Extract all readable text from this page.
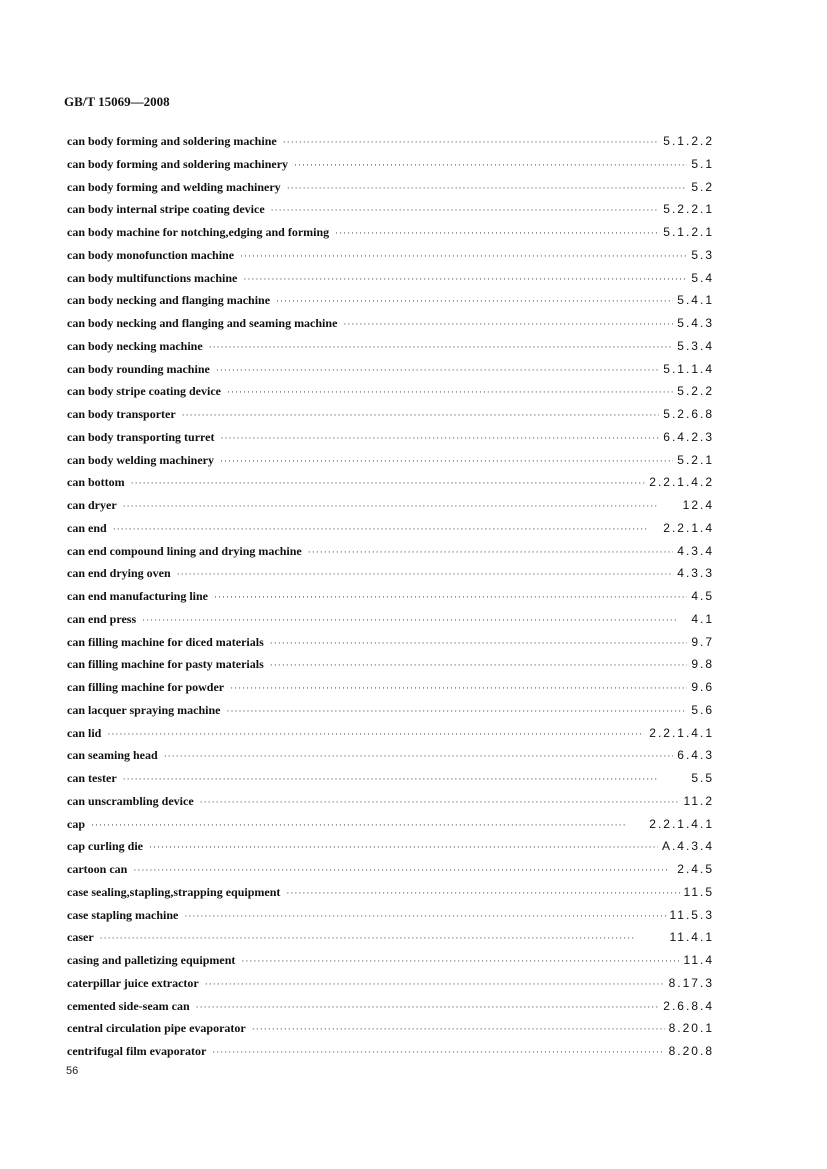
GB/T 15069—2008
can body forming and soldering machine ·····	5.1.2.2
can body forming and soldering machinery ·····	5.1
can body forming and welding machinery ·····	5.2
can body internal stripe coating device ·····	5.2.2.1
can body machine for notching,edging and forming ·····	5.1.2.1
can body monofunction machine ·····	5.3
can body multifunctions machine ·····	5.4
can body necking and flanging machine ·····	5.4.1
can body necking and flanging and seaming machine ·····	5.4.3
can body necking machine ·····	5.3.4
can body rounding machine ·····	5.1.1.4
can body stripe coating device ·····	5.2.2
can body transporter ·····	5.2.6.8
can body transporting turret ·····	6.4.2.3
can body welding machinery ·····	5.2.1
can bottom ·····	2.2.1.4.2
can dryer ·····	12.4
can end ·····	2.2.1.4
can end compound lining and drying machine ·····	4.3.4
can end drying oven ·····	4.3.3
can end manufacturing line ·····	4.5
can end press ·····	4.1
can filling machine for diced materials ·····	9.7
can filling machine for pasty materials ·····	9.8
can filling machine for powder ·····	9.6
can lacquer spraying machine ·····	5.6
can lid ·····	2.2.1.4.1
can seaming head ·····	6.4.3
can tester ·····	5.5
can unscrambling device ·····	11.2
cap ·····	2.2.1.4.1
cap curling die ·····	A.4.3.4
cartoon can ·····	2.4.5
case sealing,stapling,strapping equipment ·····	11.5
case stapling machine ·····	11.5.3
caser ·····	11.4.1
casing and palletizing equipment ·····	11.4
caterpillar juice extractor ·····	8.17.3
cemented side-seam can ·····	2.6.8.4
central circulation pipe evaporator ·····	8.20.1
centrifugal film evaporator ·····	8.20.8
56
